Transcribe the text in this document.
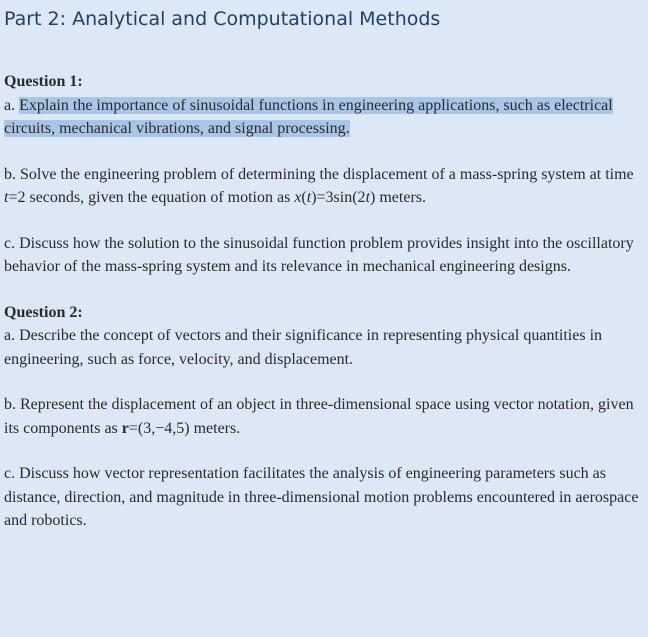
Part 2: Analytical and Computational Methods

Question 1:

a. Explain the importance of sinusoidal functions in engineering applications, such as electrical circuits, mechanical vibrations, and signal processing.

b. Solve the engineering problem of determining the displacement of a mass-spring system at time t=2 seconds, given the equation of motion as x(t)=3sin(2t) meters.

c. Discuss how the solution to the sinusoidal function problem provides insight into the oscillatory behavior of the mass-spring system and its relevance in mechanical engineering designs.

Question 2:

a. Describe the concept of vectors and their significance in representing physical quantities in engineering, such as force, velocity, and displacement.

b. Represent the displacement of an object in three-dimensional space using vector notation, given its components as r=(3,−4,5) meters.

c. Discuss how vector representation facilitates the analysis of engineering parameters such as distance, direction, and magnitude in three-dimensional motion problems encountered in aerospace and robotics.
